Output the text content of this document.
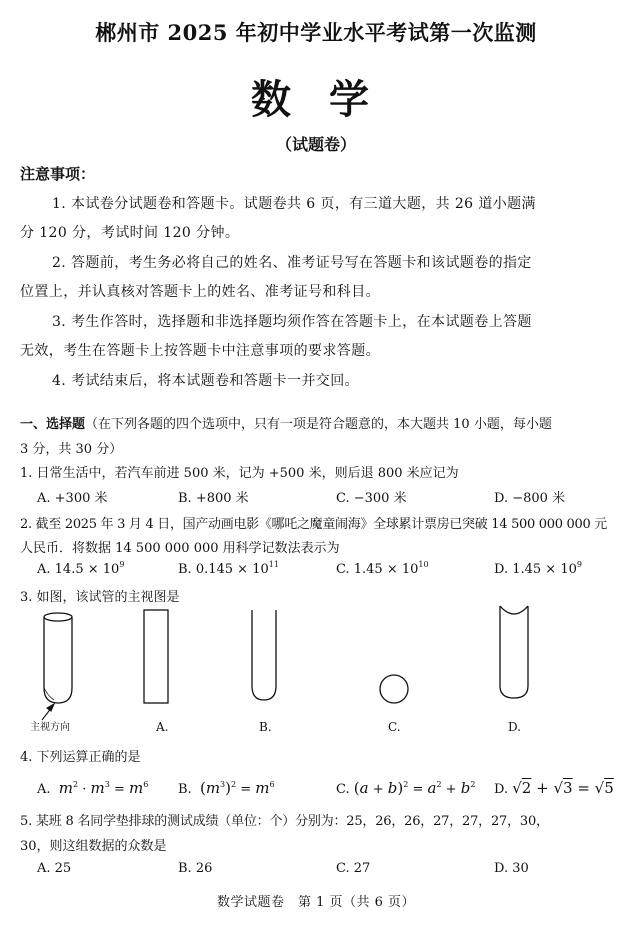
郴州市 2025 年初中学业水平考试第一次监测
数 学
（试题卷）
注意事项：
1. 本试卷分试题卷和答题卡。试题卷共 6 页，有三道大题，共 26 道小题满
分 120 分，考试时间 120 分钟。
2. 答题前，考生务必将自己的姓名、准考证号写在答题卡和该试题卷的指定
位置上，并认真核对答题卡上的姓名、准考证号和科目。
3. 考生作答时，选择题和非选择题均须作答在答题卡上，在本试题卷上答题
无效，考生在答题卡上按答题卡中注意事项的要求答题。
4. 考试结束后，将本试题卷和答题卡一并交回。
一、选择题（在下列各题的四个选项中，只有一项是符合题意的，本大题共 10 小题，每小题
3 分，共 30 分）
1. 日常生活中，若汽车前进 500 米，记为 +500 米，则后退 800 米应记为
A. +300 米	B. +800 米	C. −300 米	D. −800 米
2. 截至 2025 年 3 月 4 日，国产动画电影《哪吒之魔童闹海》全球累计票房已突破 14 500 000 000 元
人民币．将数据 14 500 000 000 用科学记数法表示为
A. $14.5 \times 10^9$	B. $0.145 \times 10^{11}$	C. $1.45 \times 10^{10}$	D. $1.45 \times 10^9$
3. 如图，该试管的主视图是
主视方向	A.	B.	C.	D.
4. 下列运算正确的是
A. $m^2 \cdot m^3 = m^6$ B. $(m^3)^2 = m^6$	C. $(a + b)^2 = a^2 + b^2$ D. √2 + √3 = √5
5. 某班 8 名同学垫排球的测试成绩（单位：个）分别为：25，26，26，27，27，27，30，
30，则这组数据的众数是
A. 25	B. 26	C. 27	D. 30
数学试题卷　第 1 页（共 6 页）
